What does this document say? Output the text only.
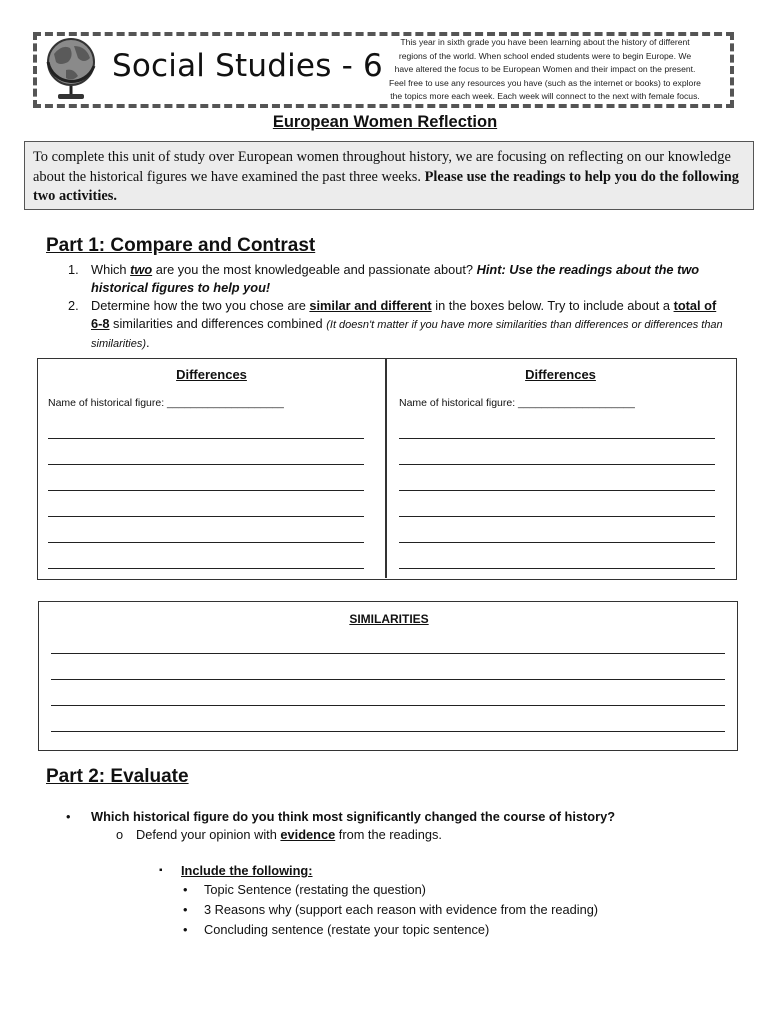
Social Studies - 6
This year in sixth grade you have been learning about the history of different
regions of the world. When school ended students were to begin Europe. We
have altered the focus to be European Women and their impact on the present.
Feel free to use any resources you have (such as the internet or books) to explore
the topics more each week. Each week will connect to the next with female focus.
European Women Reflection
To complete this unit of study over European women throughout history, we are focusing on reflecting on our knowledge about the historical figures we have examined the past three weeks. Please use the readings to help you do the following two activities.
Part 1: Compare and Contrast
1. Which two are you the most knowledgeable and passionate about? Hint: Use the readings about the two historical figures to help you!
2. Determine how the two you chose are similar and different in the boxes below. Try to include about a total of 6-8 similarities and differences combined (It doesn't matter if you have more similarities than differences or differences than similarities).
Differences	Differences
Name of historical figure: ____________________	Name of historical figure: ____________________
SIMILARITIES
Part 2: Evaluate
• Which historical figure do you think most significantly changed the course of history?
o Defend your opinion with evidence from the readings.
▪ Include the following:
• Topic Sentence (restating the question)
• 3 Reasons why (support each reason with evidence from the reading)
• Concluding sentence (restate your topic sentence)
